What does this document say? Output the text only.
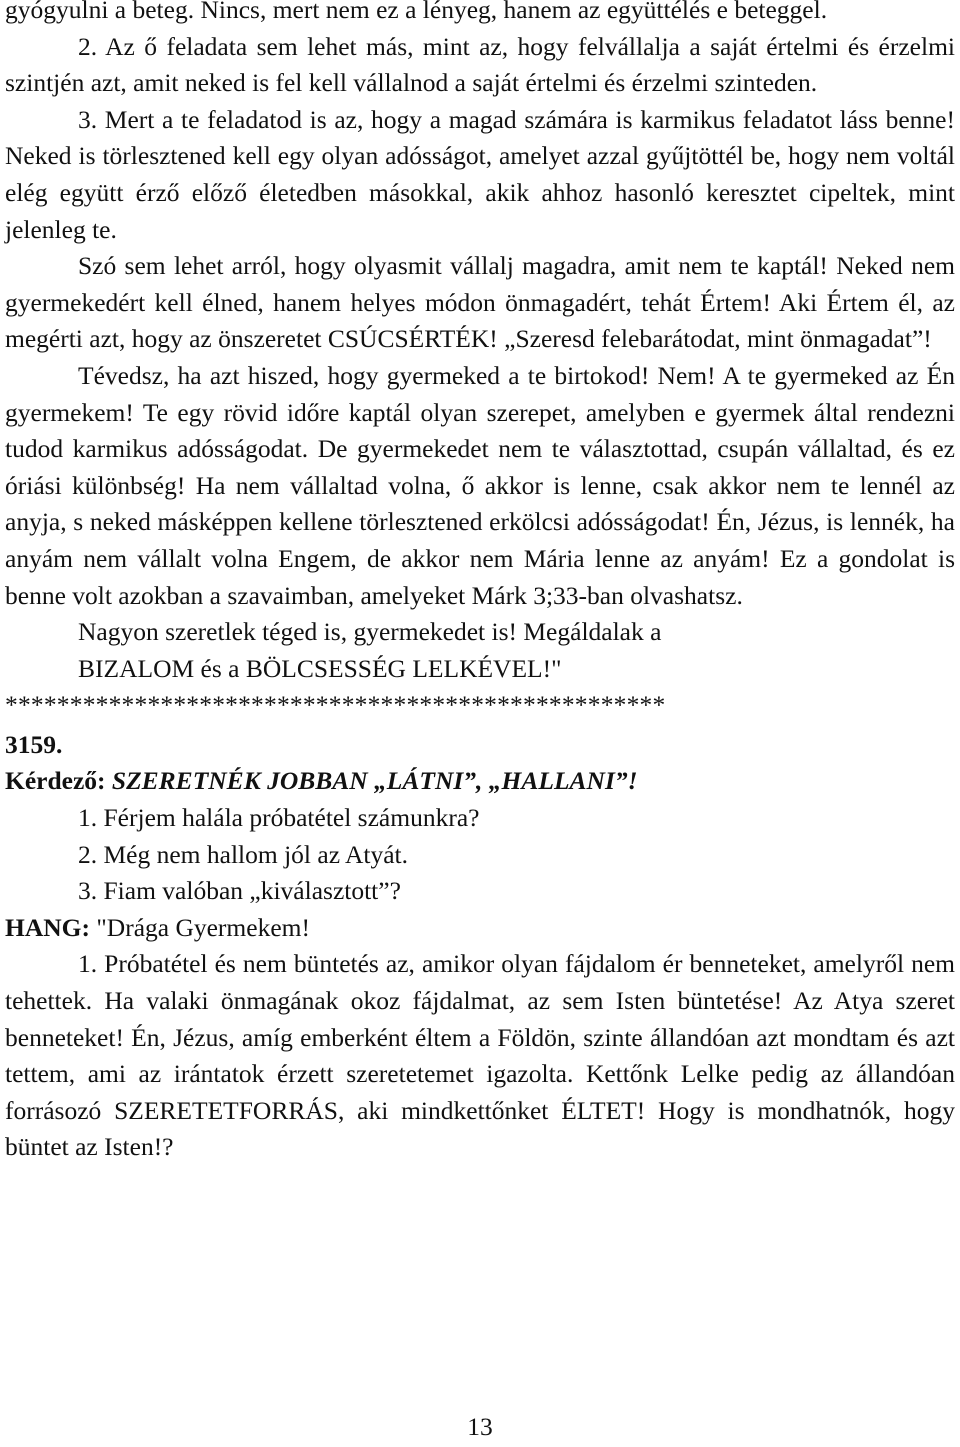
gyógyulni a beteg. Nincs, mert nem ez a lényeg, hanem az együttélés e beteggel.

2. Az ő feladata sem lehet más, mint az, hogy felvállalja a saját értelmi és érzelmi szintjén azt, amit neked is fel kell vállalnod a saját értelmi és érzelmi szinteden.

3. Mert a te feladatod is az, hogy a magad számára is karmikus feladatot láss benne! Neked is törlesztened kell egy olyan adósságot, amelyet azzal gyűjtöttél be, hogy nem voltál elég együtt érző előző életedben másokkal, akik ahhoz hasonló keresztet cipeltek, mint jelenleg te.

Szó sem lehet arról, hogy olyasmit vállalj magadra, amit nem te kaptál! Neked nem gyermekedért kell élned, hanem helyes módon önmagadért, tehát Értem! Aki Értem él, az megérti azt, hogy az önszeretet CSÚCSÉRTÉK! „Szeresd felebarátodat, mint önmagadat”!

Tévedsz, ha azt hiszed, hogy gyermeked a te birtokod! Nem! A te gyermeked az Én gyermekem! Te egy rövid időre kaptál olyan szerepet, amelyben e gyermek által rendezni tudod karmikus adósságodat. De gyermekedet nem te választottad, csupán vállaltad, és ez óriási különbség! Ha nem vállaltad volna, ő akkor is lenne, csak akkor nem te lennél az anyja, s neked másképpen kellene törlesztened erkölcsi adósságodat! Én, Jézus, is lennék, ha anyám nem vállalt volna Engem, de akkor nem Mária lenne az anyám! Ez a gondolat is benne volt azokban a szavaimban, amelyeket Márk 3;33-ban olvashatsz.

Nagyon szeretlek téged is, gyermekedet is! Megáldalak a

BIZALOM és a BÖLCSESSÉG LELKÉVEL!"

***************************************************

3159.

Kérdező: SZERETNÉK JOBBAN „LÁTNI”, „HALLANI”!

1. Férjem halála próbatétel számunkra?

2. Még nem hallom jól az Atyát.

3. Fiam valóban „kiválasztott”?

HANG: "Drága Gyermekem!

1. Próbatétel és nem büntetés az, amikor olyan fájdalom ér benneteket, amelyről nem tehettek. Ha valaki önmagának okoz fájdalmat, az sem Isten büntetése! Az Atya szeret benneteket! Én, Jézus, amíg emberként éltem a Földön, szinte állandóan azt mondtam és azt tettem, ami az irántatok érzett szeretetemet igazolta. Kettőnk Lelke pedig az állandóan forrásozó SZERETETFORRÁS, aki mindkettőnket ÉLTET! Hogy is mondhatnók, hogy büntet az Isten!?

13
